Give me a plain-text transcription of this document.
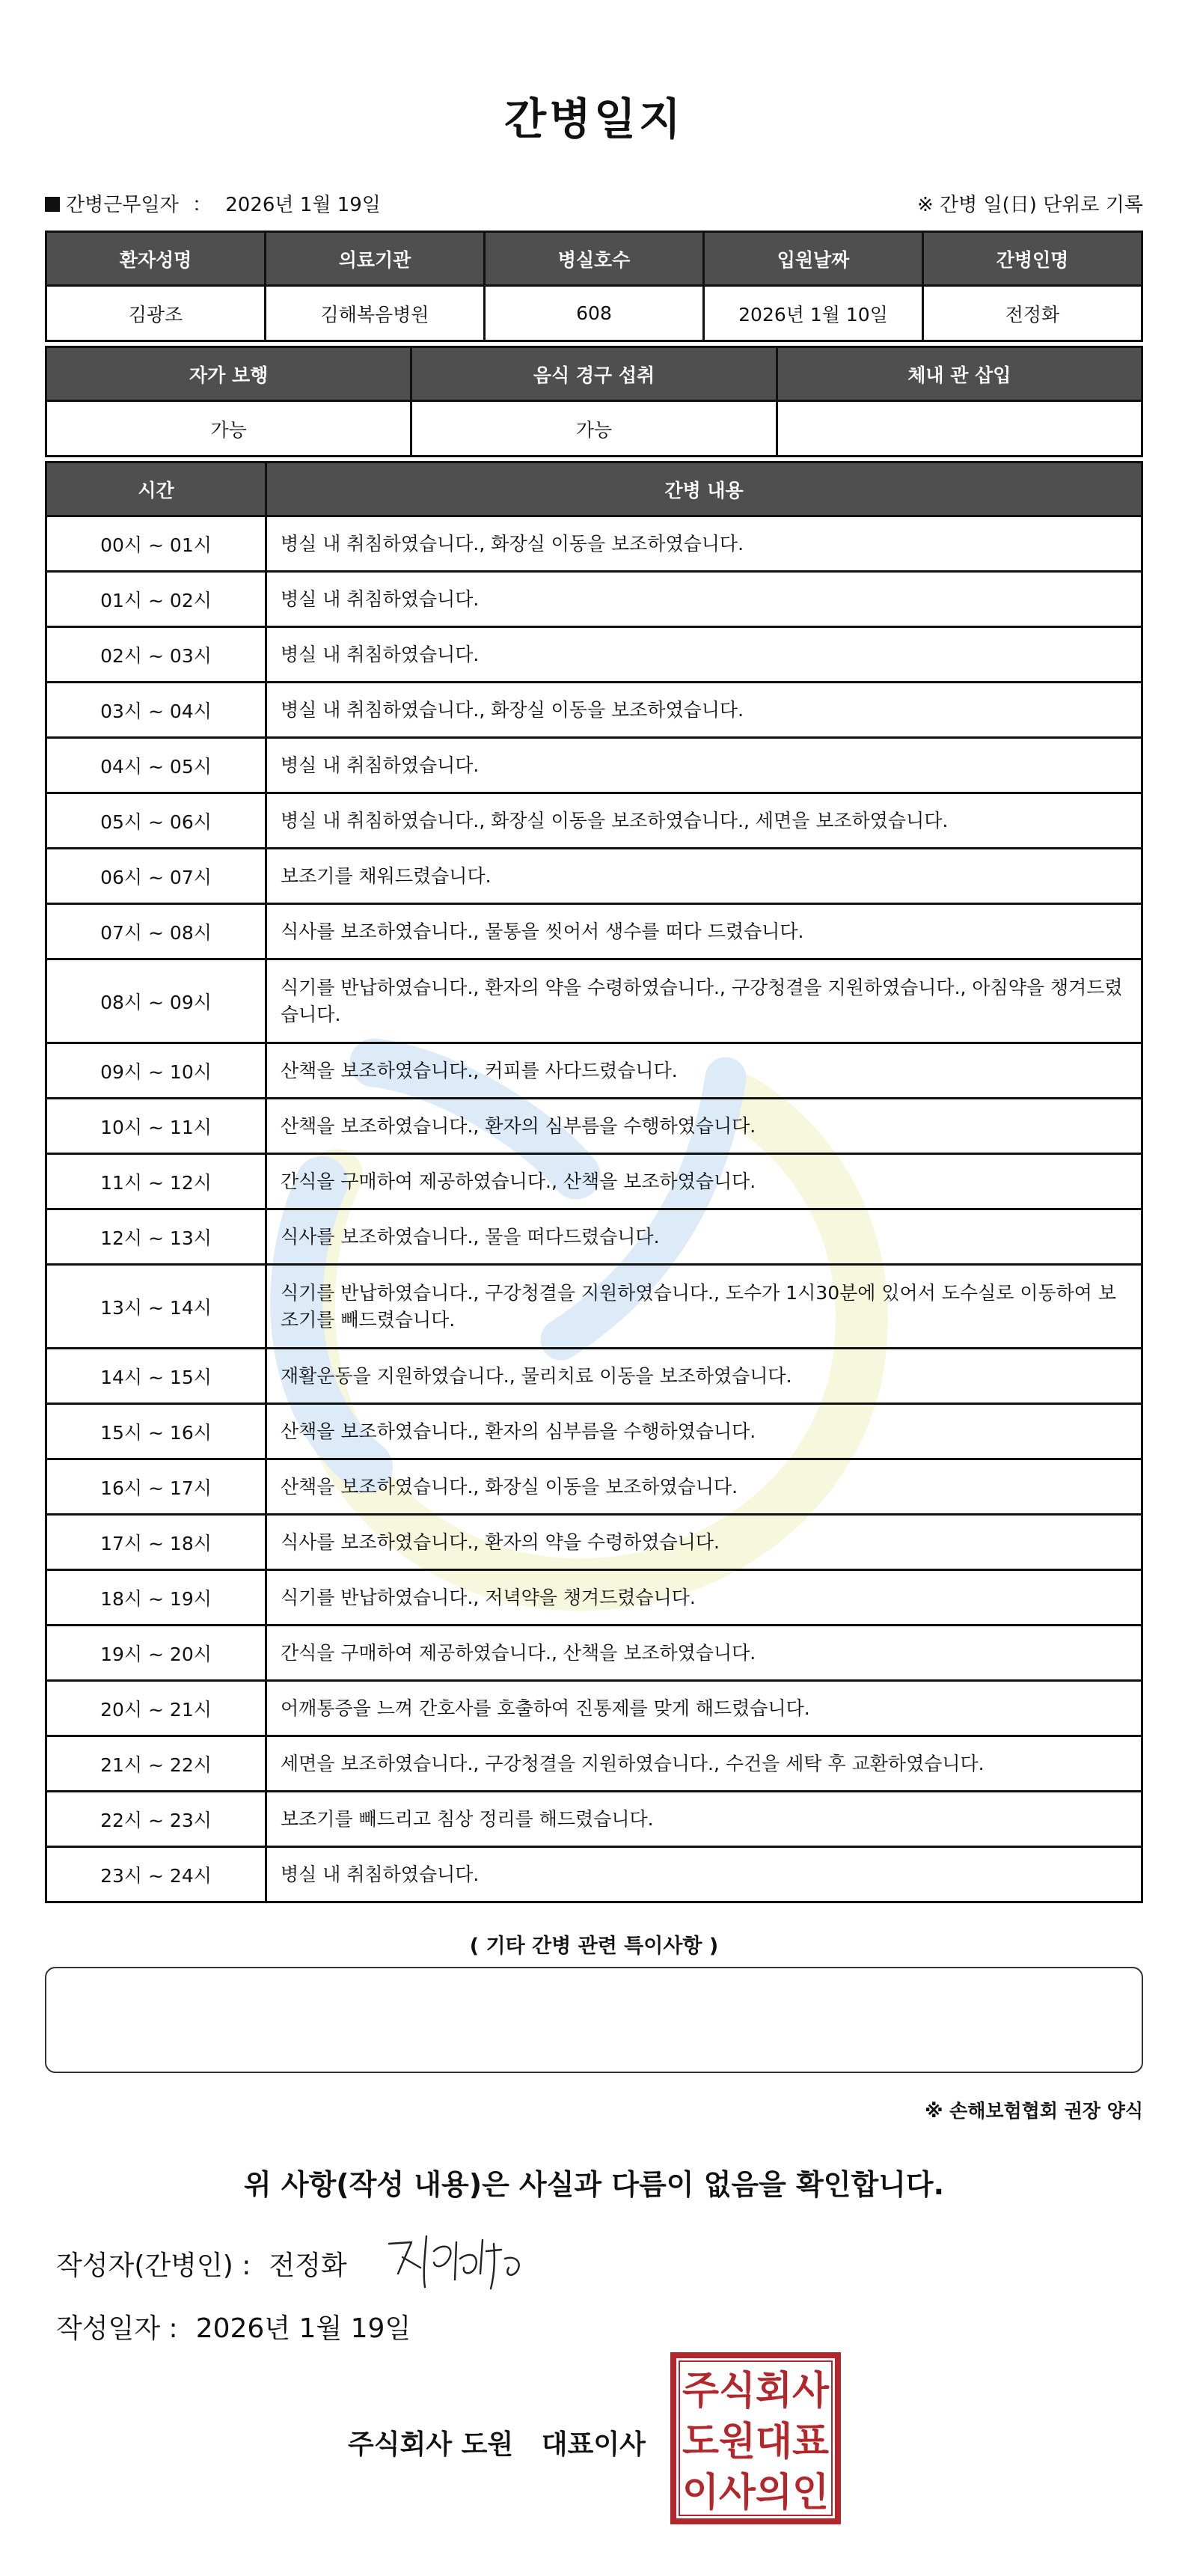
간병일지
간병근무일자 ： 2026년 1월 19일	※ 간병 일(日) 단위로 기록
환자성명	의료기관	병실호수	입원날짜	간병인명
김광조	김해복음병원	608	2026년 1월 10일	전정화
자가 보행	음식 경구 섭취	체내 관 삽입
가능	가능	
시간	간병 내용
00시 ~ 01시	병실 내 취침하였습니다., 화장실 이동을 보조하였습니다.
01시 ~ 02시	병실 내 취침하였습니다.
02시 ~ 03시	병실 내 취침하였습니다.
03시 ~ 04시	병실 내 취침하였습니다., 화장실 이동을 보조하였습니다.
04시 ~ 05시	병실 내 취침하였습니다.
05시 ~ 06시	병실 내 취침하였습니다., 화장실 이동을 보조하였습니다., 세면을 보조하였습니다.
06시 ~ 07시	보조기를 채워드렸습니다.
07시 ~ 08시	식사를 보조하였습니다., 물통을 씻어서 생수를 떠다 드렸습니다.
08시 ~ 09시	식기를 반납하였습니다., 환자의 약을 수령하였습니다., 구강청결을 지원하였습니다., 아침약을 챙겨드렸습니다.
09시 ~ 10시	산책을 보조하였습니다., 커피를 사다드렸습니다.
10시 ~ 11시	산책을 보조하였습니다., 환자의 심부름을 수행하였습니다.
11시 ~ 12시	간식을 구매하여 제공하였습니다., 산책을 보조하였습니다.
12시 ~ 13시	식사를 보조하였습니다., 물을 떠다드렸습니다.
13시 ~ 14시	식기를 반납하였습니다., 구강청결을 지원하였습니다., 도수가 1시30분에 있어서 도수실로 이동하여 보조기를 빼드렸습니다.
14시 ~ 15시	재활운동을 지원하였습니다., 물리치료 이동을 보조하였습니다.
15시 ~ 16시	산책을 보조하였습니다., 환자의 심부름을 수행하였습니다.
16시 ~ 17시	산책을 보조하였습니다., 화장실 이동을 보조하였습니다.
17시 ~ 18시	식사를 보조하였습니다., 환자의 약을 수령하였습니다.
18시 ~ 19시	식기를 반납하였습니다., 저녁약을 챙겨드렸습니다.
19시 ~ 20시	간식을 구매하여 제공하였습니다., 산책을 보조하였습니다.
20시 ~ 21시	어깨통증을 느껴 간호사를 호출하여 진통제를 맞게 해드렸습니다.
21시 ~ 22시	세면을 보조하였습니다., 구강청결을 지원하였습니다., 수건을 세탁 후 교환하였습니다.
22시 ~ 23시	보조기를 빼드리고 침상 정리를 해드렸습니다.
23시 ~ 24시	병실 내 취침하였습니다.
( 기타 간병 관련 특이사항 )
※ 손해보험협회 권장 양식
위 사항(작성 내용)은 사실과 다름이 없음을 확인합니다.
작성자(간병인) : 전정화
작성일자 : 2026년 1월 19일
주식회사 도원   대표이사
주식회사
도원대표
이사의인
